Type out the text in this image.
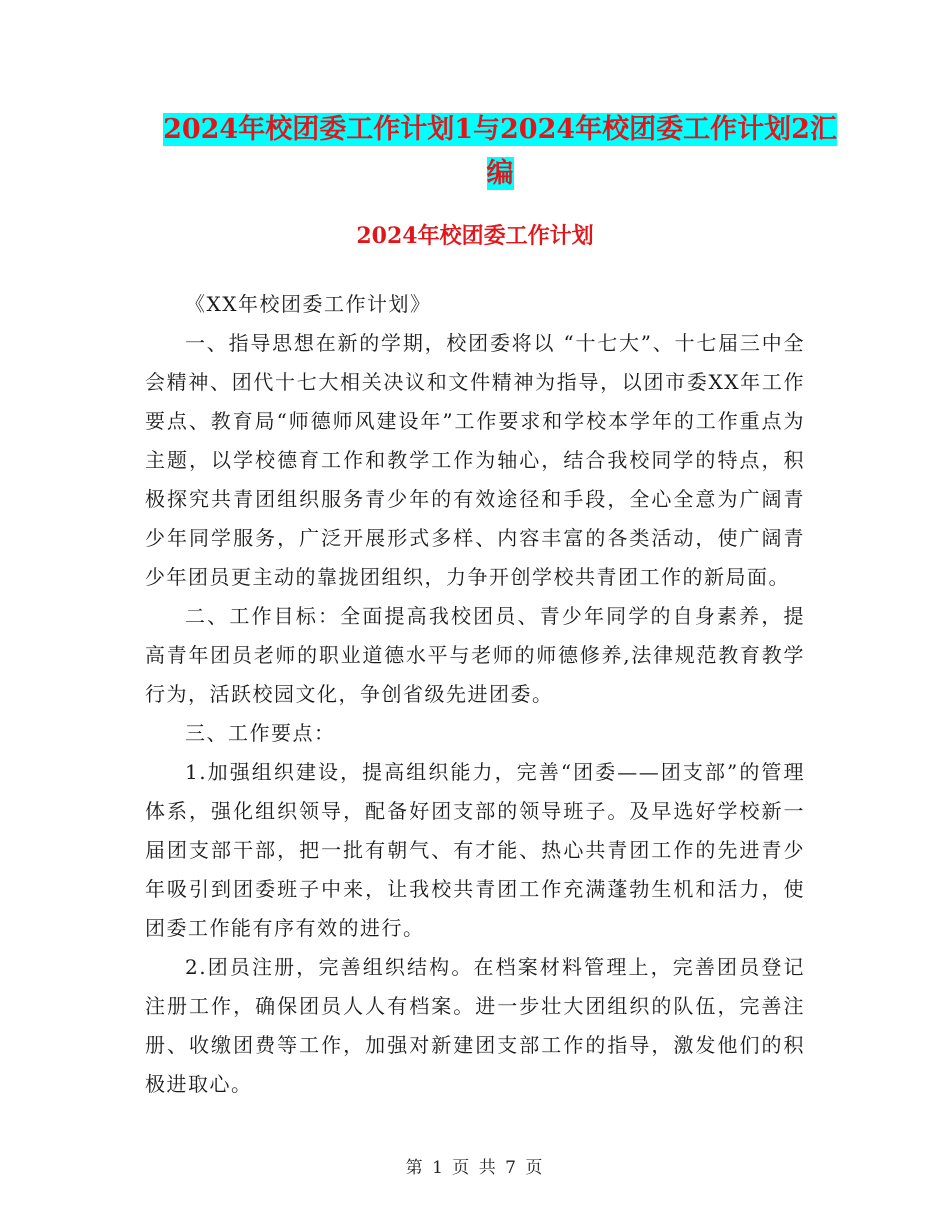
2024年校团委工作计划1与2024年校团委工作计划2汇编
2024年校团委工作计划

《XX年校团委工作计划》

一、指导思想在新的学期，校团委将以 “十七大”、十七届三中全会精神、团代十七大相关决议和文件精神为指导，以团市委XX年工作要点、教育局“师德师风建设年”工作要求和学校本学年的工作重点为主题，以学校德育工作和教学工作为轴心，结合我校同学的特点，积极探究共青团组织服务青少年的有效途径和手段，全心全意为广阔青少年同学服务，广泛开展形式多样、内容丰富的各类活动，使广阔青少年团员更主动的靠拢团组织，力争开创学校共青团工作的新局面。

二、工作目标：全面提高我校团员、青少年同学的自身素养，提高青年团员老师的职业道德水平与老师的师德修养,法律规范教育教学行为，活跃校园文化，争创省级先进团委。

三、工作要点：

1.加强组织建设，提高组织能力，完善“团委——团支部”的管理体系，强化组织领导，配备好团支部的领导班子。及早选好学校新一届团支部干部，把一批有朝气、有才能、热心共青团工作的先进青少年吸引到团委班子中来，让我校共青团工作充满蓬勃生机和活力，使团委工作能有序有效的进行。

2.团员注册，完善组织结构。在档案材料管理上，完善团员登记注册工作，确保团员人人有档案。进一步壮大团组织的队伍，完善注册、收缴团费等工作，加强对新建团支部工作的指导，激发他们的积极进取心。

第 1 页 共 7 页
